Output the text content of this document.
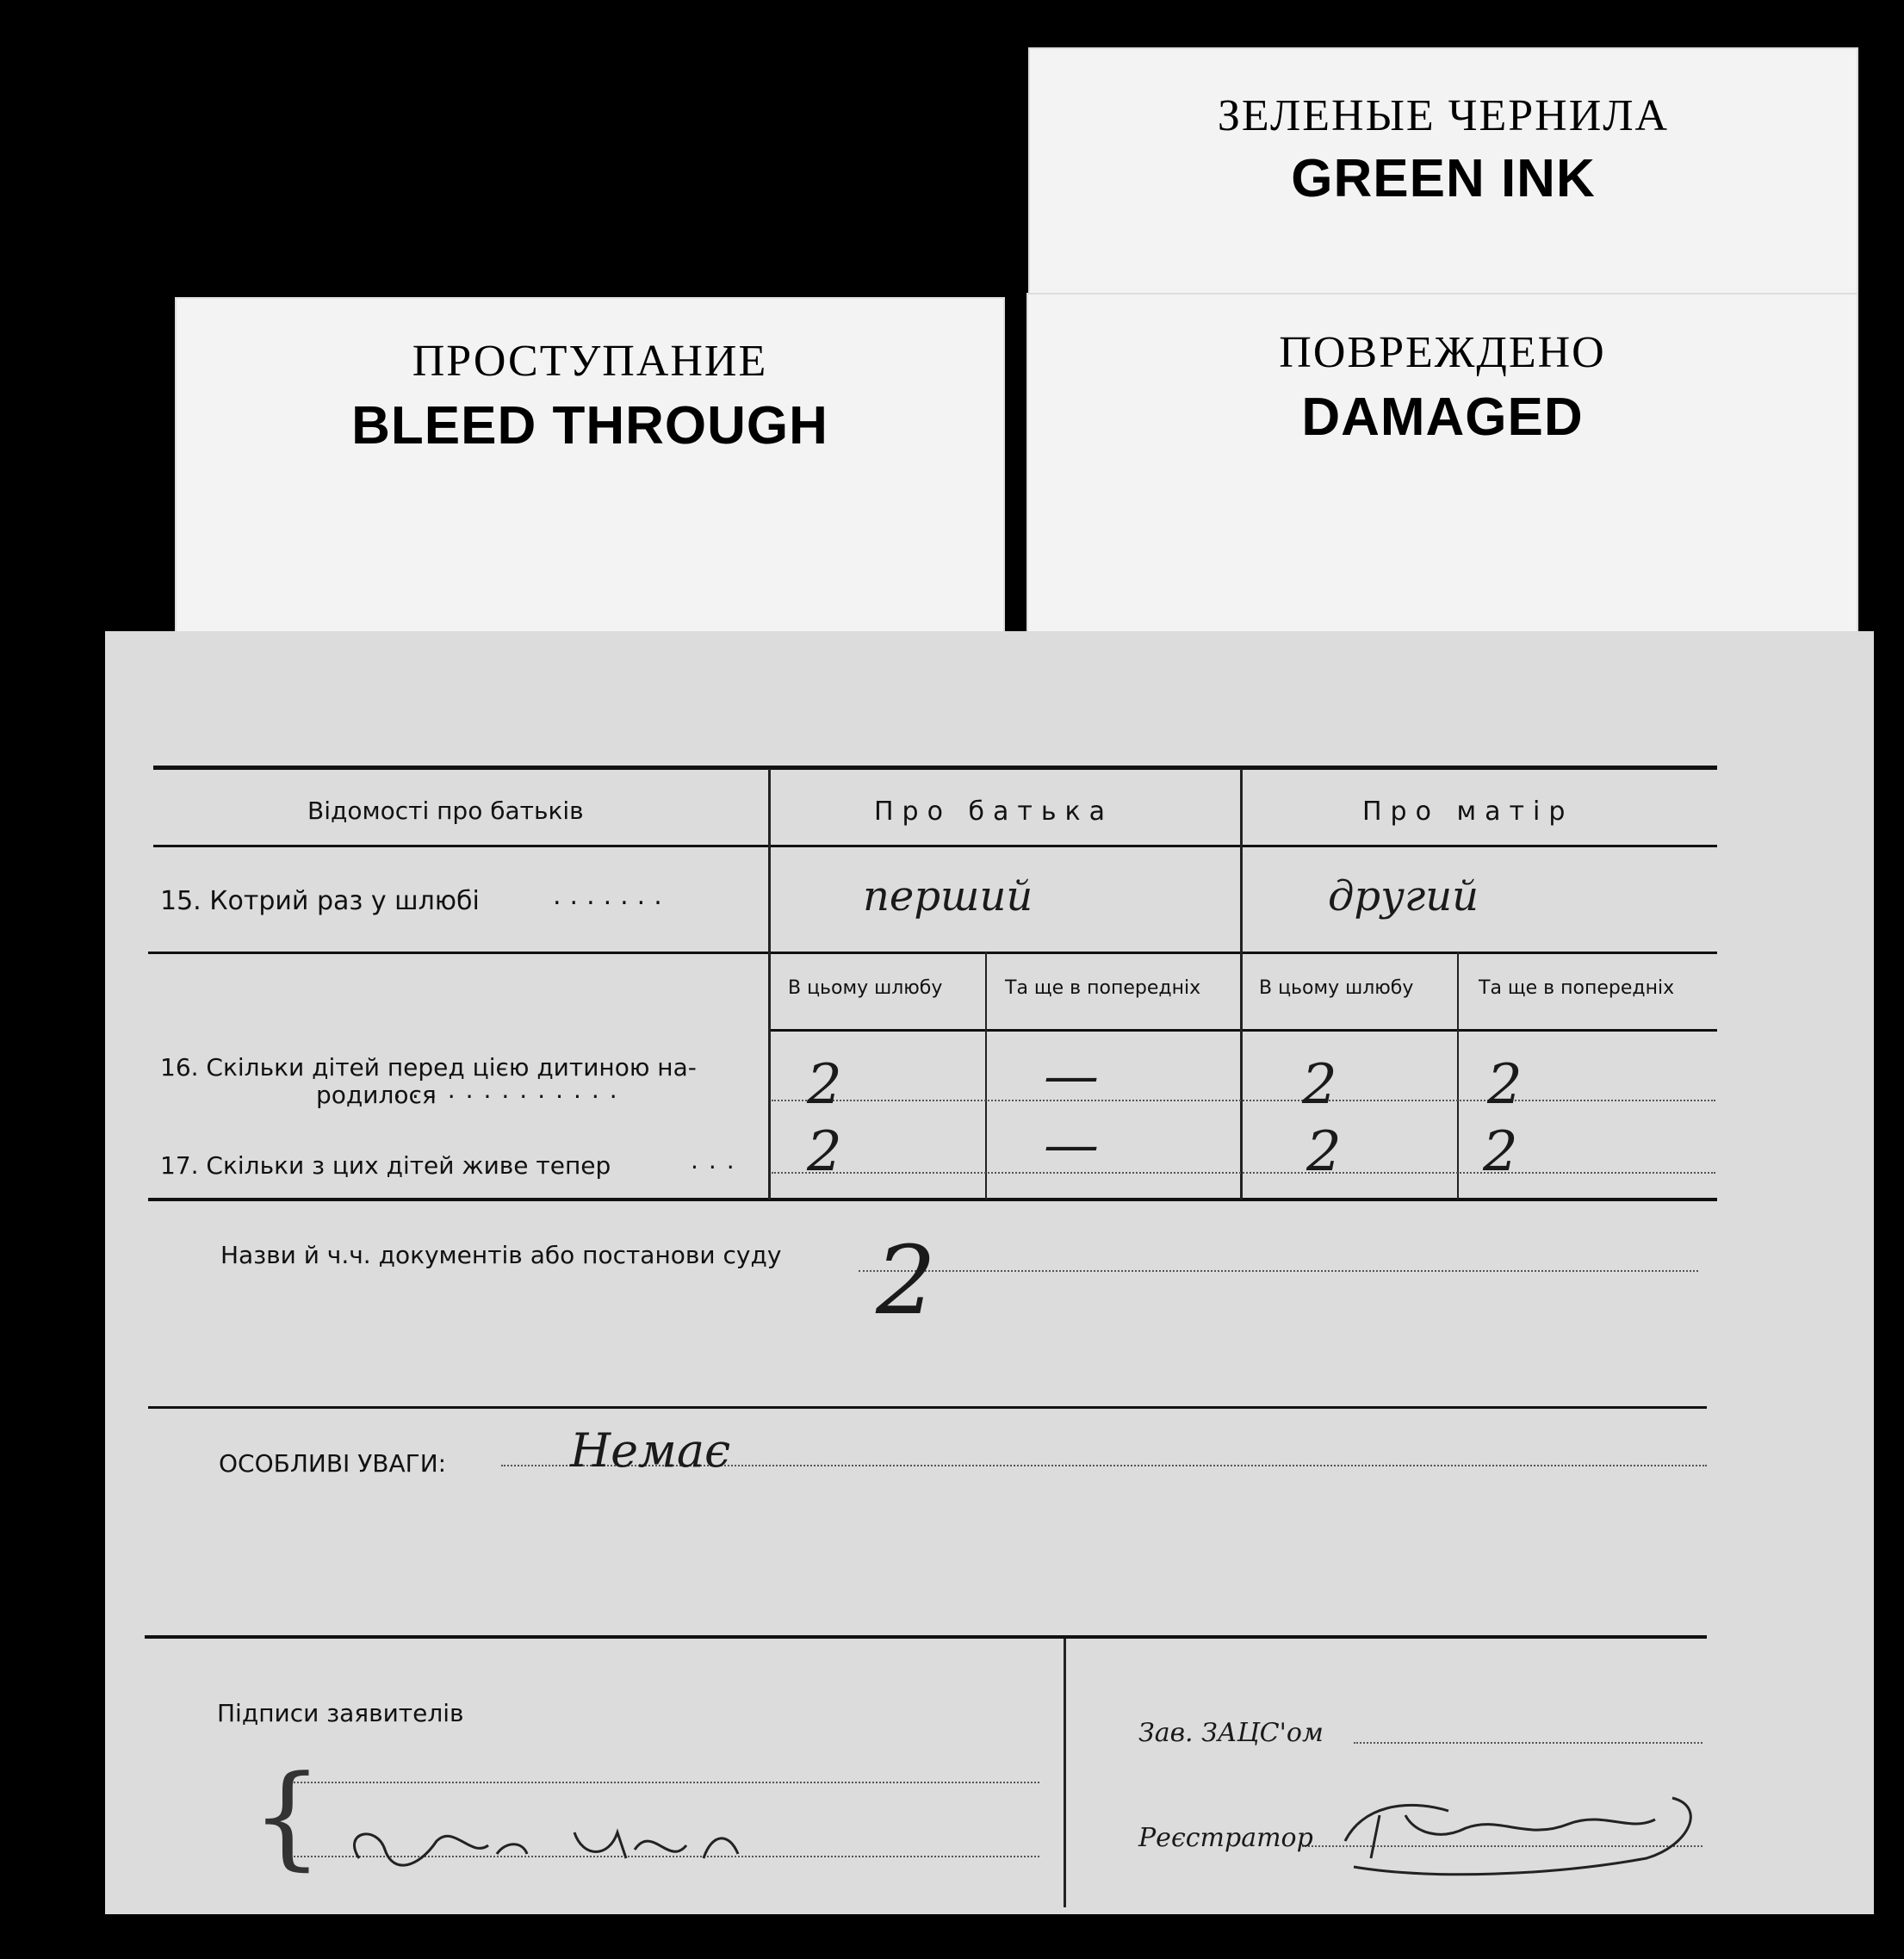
ЗЕЛЕНЫЕ ЧЕРНИЛА
GREEN INK
ПРОСТУПАНИЕ
BLEED THROUGH
ПОВРЕЖДЕНО
DAMAGED
Відомості про батьків	Про батька	Про матір
15. Котрий раз у шлюбі	.......	перший	другий
В цьому шлюбу	Та ще в попередніх	В цьому шлюбу	Та ще в попередніх
16. Скільки дітей перед цією дитиною на-
родилося
.............	2	—	2	2
17. Скільки з цих дітей живе тепер	... 2	—	2	2
Назви й ч.ч. документів або постанови суду 2
ОСОБЛИВІ УВАГИ:	Немає
Підписи заявителів
{
Зав. ЗАЦС'ом
Реєстратор
